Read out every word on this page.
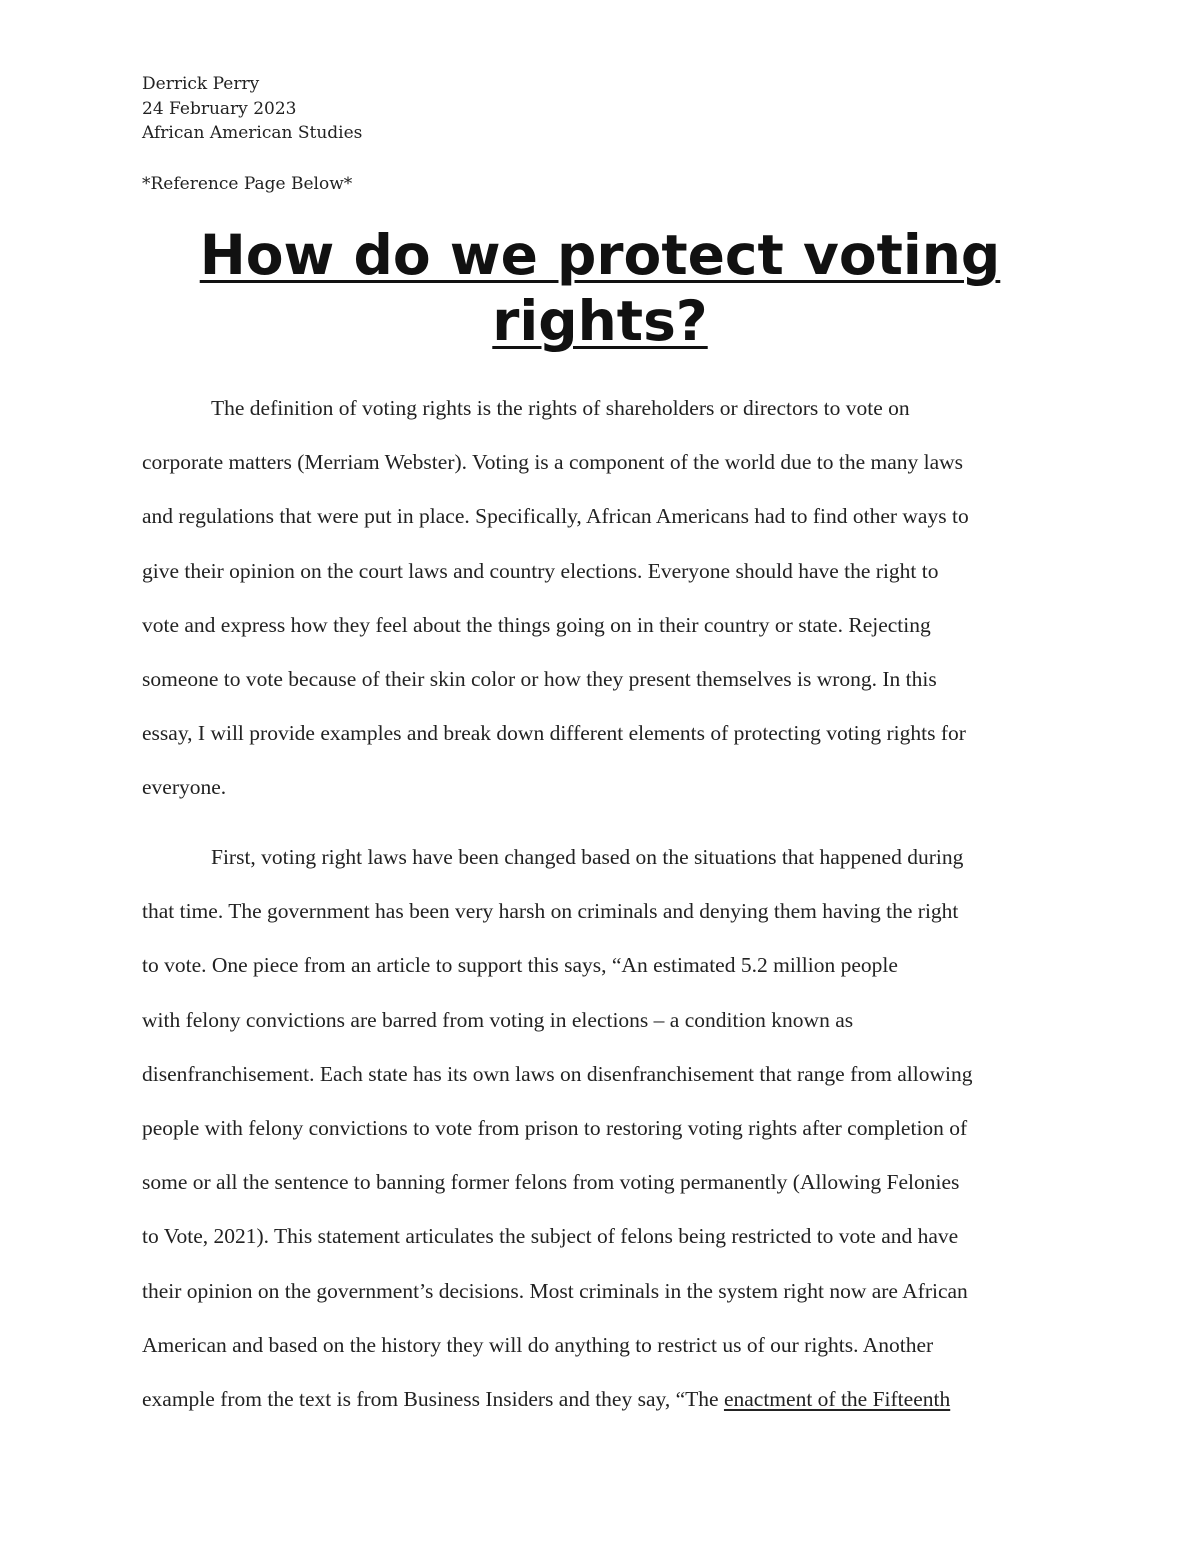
Derrick Perry
24 February 2023
African American Studies
*Reference Page Below*
How do we protect voting
rights?
The definition of voting rights is the rights of shareholders or directors to vote on
corporate matters (Merriam Webster). Voting is a component of the world due to the many laws
and regulations that were put in place. Specifically, African Americans had to find other ways to
give their opinion on the court laws and country elections. Everyone should have the right to
vote and express how they feel about the things going on in their country or state. Rejecting
someone to vote because of their skin color or how they present themselves is wrong. In this
essay, I will provide examples and break down different elements of protecting voting rights for
everyone.
First, voting right laws have been changed based on the situations that happened during
that time. The government has been very harsh on criminals and denying them having the right
to vote. One piece from an article to support this says, “An estimated 5.2 million people
with felony convictions are barred from voting in elections – a condition known as
disenfranchisement. Each state has its own laws on disenfranchisement that range from allowing
people with felony convictions to vote from prison to restoring voting rights after completion of
some or all the sentence to banning former felons from voting permanently (Allowing Felonies
to Vote, 2021). This statement articulates the subject of felons being restricted to vote and have
their opinion on the government’s decisions. Most criminals in the system right now are African
American and based on the history they will do anything to restrict us of our rights. Another
example from the text is from Business Insiders and they say, “The enactment of the Fifteenth
